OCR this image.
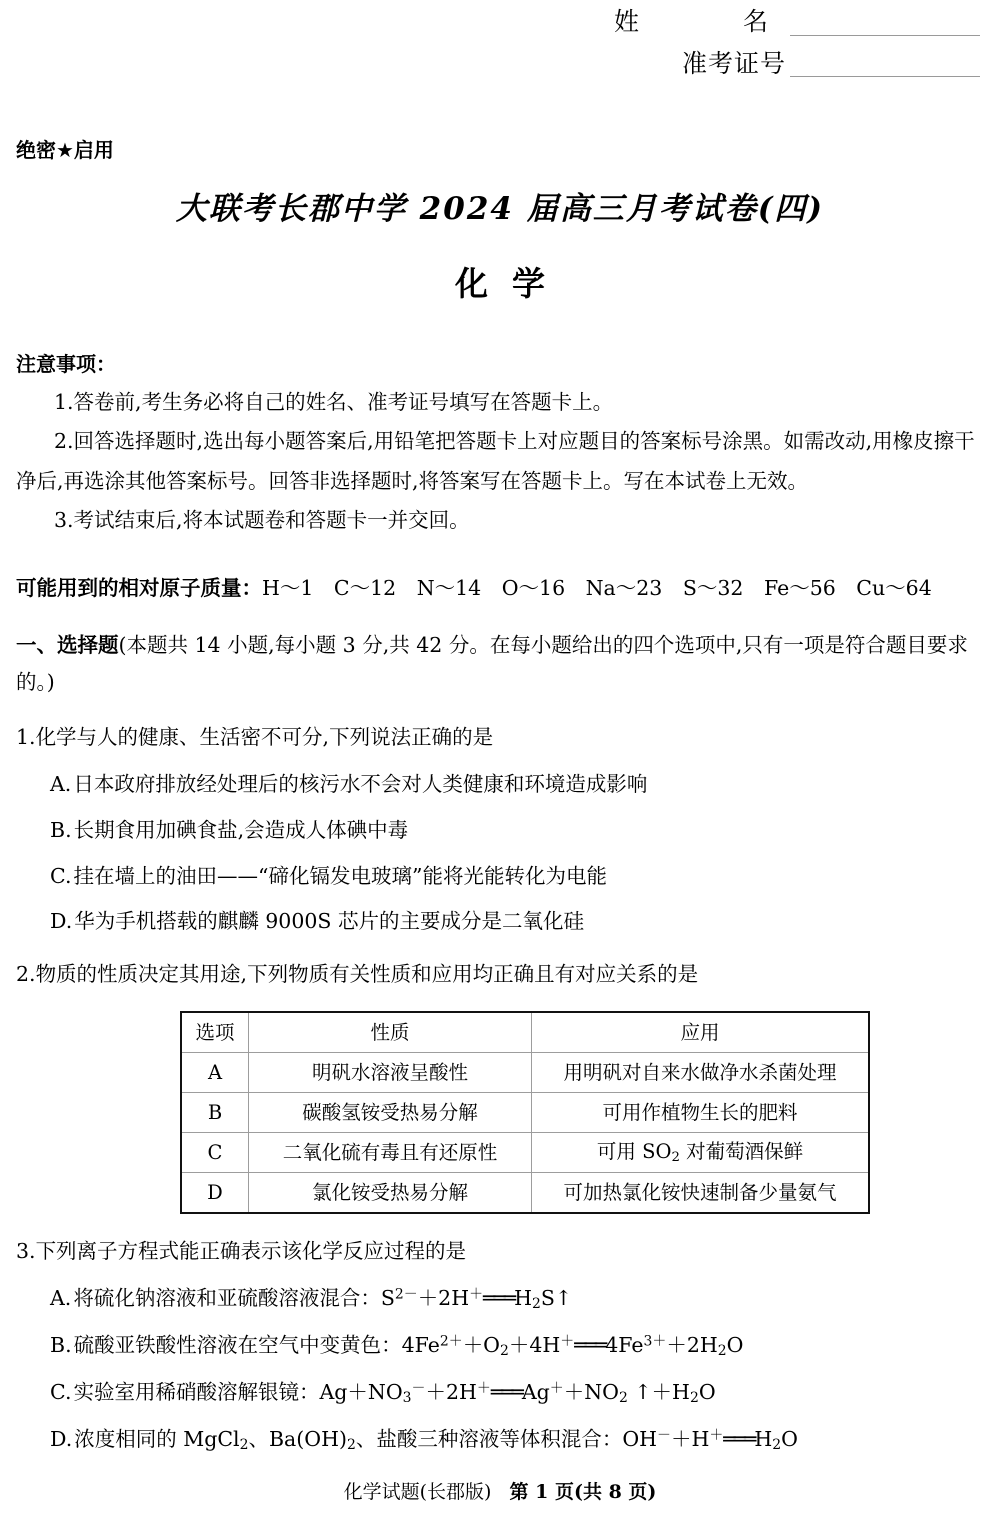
姓　　名
准考证号
绝密★启用
大联考长郡中学 2024 届高三月考试卷(四)
化学
注意事项：
1.答卷前,考生务必将自己的姓名、准考证号填写在答题卡上。
2.回答选择题时,选出每小题答案后,用铅笔把答题卡上对应题目的答案标号涂黑。如需改动,用橡皮擦干净后,再选涂其他答案标号。回答非选择题时,将答案写在答题卡上。写在本试卷上无效。
3.考试结束后,将本试题卷和答题卡一并交回。
可能用到的相对原子质量：H～1　C～12　N～14　O～16　Na～23　S～32　Fe～56　Cu～64
一、选择题(本题共 14 小题,每小题 3 分,共 42 分。在每小题给出的四个选项中,只有一项是符合题目要求的。)
1.化学与人的健康、生活密不可分,下列说法正确的是
A.日本政府排放经处理后的核污水不会对人类健康和环境造成影响
B.长期食用加碘食盐,会造成人体碘中毒
C.挂在墙上的油田——“碲化镉发电玻璃”能将光能转化为电能
D.华为手机搭载的麒麟 9000S 芯片的主要成分是二氧化硅
2.物质的性质决定其用途,下列物质有关性质和应用均正确且有对应关系的是
选项	性质	应用
A	明矾水溶液呈酸性	用明矾对自来水做净水杀菌处理
B	碳酸氢铵受热易分解	可用作植物生长的肥料
C	二氧化硫有毒且有还原性	可用 $SO_2$ 对葡萄酒保鲜
D	氯化铵受热易分解	可加热氯化铵快速制备少量氨气
3.下列离子方程式能正确表示该化学反应过程的是
A.将硫化钠溶液和亚硫酸溶液混合：$S^{2-}+2H^+═══H_2S↑$
B.硫酸亚铁酸性溶液在空气中变黄色：$4Fe^{2+}+O_2+4H^+═══4Fe^{3+}+2H_2O$
C.实验室用稀硝酸溶解银镜：$Ag+NO_3^-+2H^+═══Ag^++NO_2$ $↑+H_2O$
D.浓度相同的 MgCl$_2$、$Ba(OH)_2$、盐酸三种溶液等体积混合：$OH^-+H^+═══H_2O$
化学试题(长郡版) 第 1 页(共 8 页)
